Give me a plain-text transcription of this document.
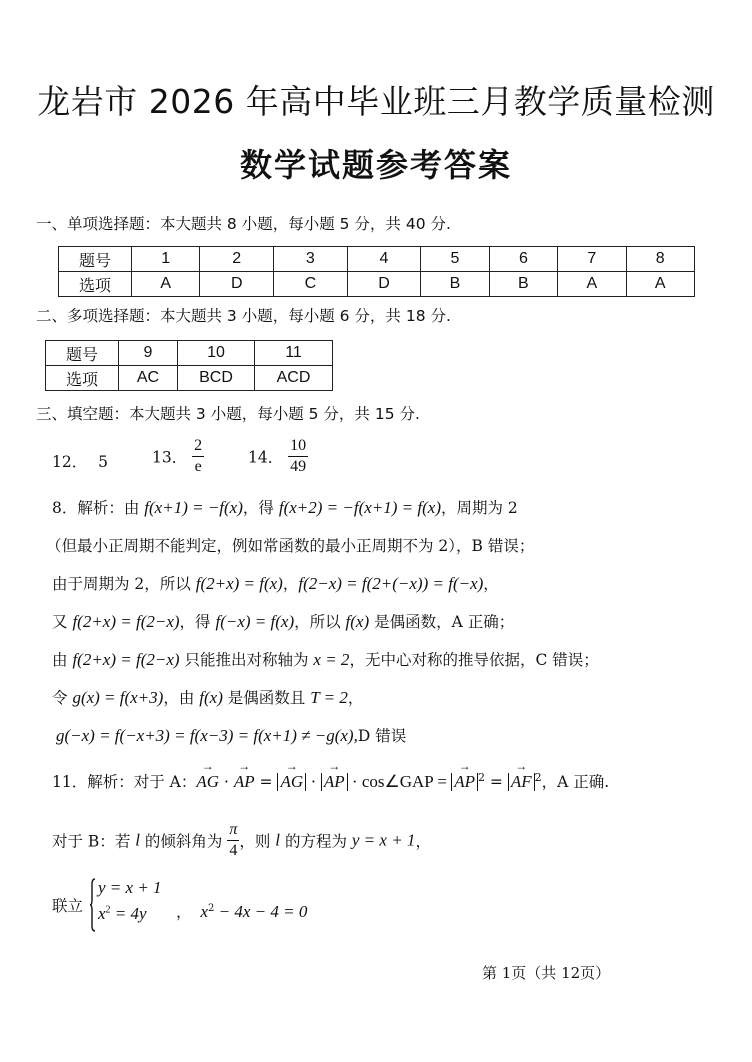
龙岩市 2026 年高中毕业班三月教学质量检测
数学试题参考答案
一、单项选择题：本大题共 8 小题，每小题 5 分，共 40 分.
题号	1	2	3	4	5	6	7	8
选项	A	D	C	D	B	B	A	A
二、多项选择题：本大题共 3 小题，每小题 6 分，共 18 分.
题号	9	10	11
选项	AC	BCD	ACD
三、填空题：本大题共 3 小题，每小题 5 分，共 15 分.
12． 5	13． $\frac{2}{e}$	14． $\frac{10}{49}$
8．解析：由 f(x+1) = −f(x)，得 f(x+2) = −f(x+1) = f(x)，周期为 2
（但最小正周期不能判定，例如常函数的最小正周期不为 2），B 错误；
由于周期为 2，所以 f(2+x) = f(x)，f(2−x) = f(2+(−x)) = f(−x)，
又 f(2+x) = f(2−x)，得 f(−x) = f(x)，所以 f(x) 是偶函数，A 正确；
由 f(2+x) = f(2−x) 只能推出对称轴为 x = 2，无中心对称的推导依据，C 错误；
令 g(x) = f(x+3)，由 f(x) 是偶函数且 T = 2，
g(−x) = f(−x+3) = f(x−3) = f(x+1) ≠ −g(x),D 错误
11．解析：对于 A：→ AG · → AP = → AG · → AP · cos∠GAP = → AP $^2$ = → AF $^2$，A 正确.
对于 B：若 l 的倾斜角为 $\frac{\pi}{4}$ ，则 l 的方程为 y = x + 1，
联立
y = x + 1
$x^2 = 4y$	， $x^2 - 4x - 4 = 0$
第 1页（共 12页）
